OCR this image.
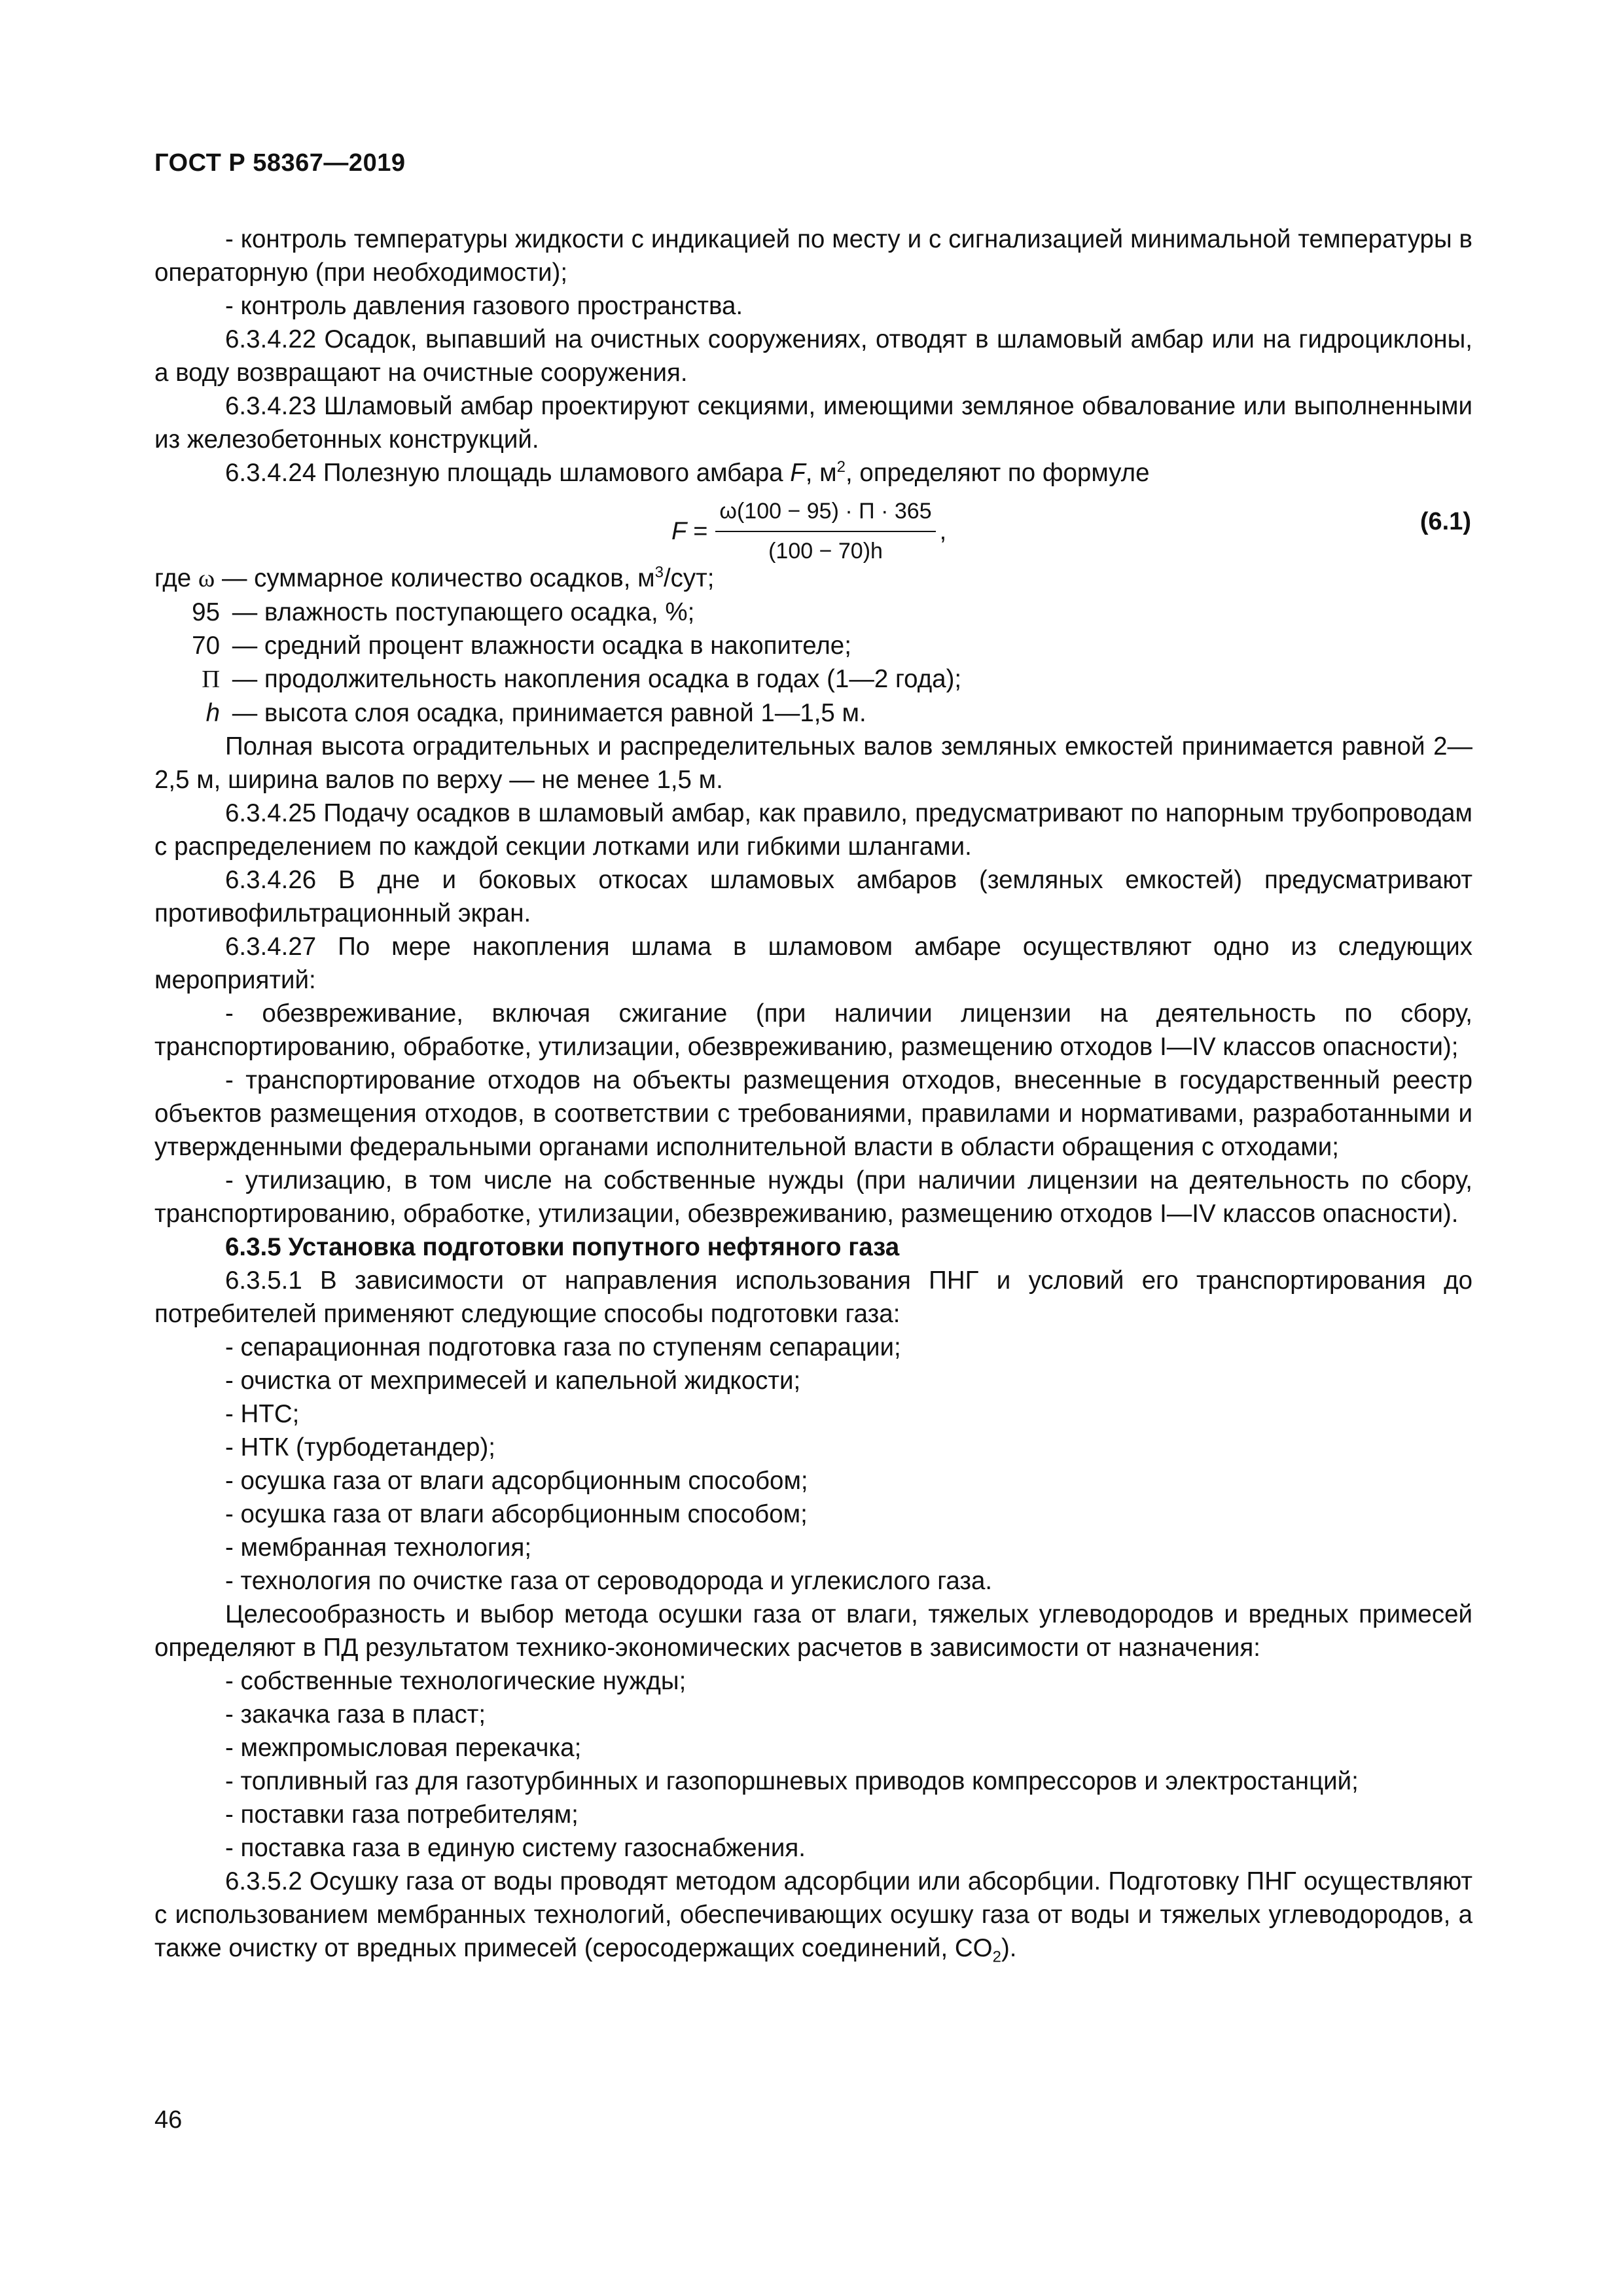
ГОСТ Р 58367—2019

- контроль температуры жидкости с индикацией по месту и с сигнализацией минимальной температуры в операторную (при необходимости);

- контроль давления газового пространства.

6.3.4.22 Осадок, выпавший на очистных сооружениях, отводят в шламовый амбар или на гидроциклоны, а воду возвращают на очистные сооружения.

6.3.4.23 Шламовый амбар проектируют секциями, имеющими земляное обвалование или выполненными из железобетонных конструкций.

6.3.4.24 Полезную площадь шламового амбара F, $м^2$, определяют по формуле

$F = \frac{\omega(100 - 95) \cdot \Pi \cdot 365}{(100 - 70)h}$ ,	(6.1)

где ω — суммарное количество осадков, $м^3$/сут;

95 — влажность поступающего осадка, %;

70 — средний процент влажности осадка в накопителе;

Π — продолжительность накопления осадка в годах (1—2 года);

h — высота слоя осадка, принимается равной 1—1,5 м.

Полная высота оградительных и распределительных валов земляных емкостей принимается равной 2—2,5 м, ширина валов по верху — не менее 1,5 м.

6.3.4.25 Подачу осадков в шламовый амбар, как правило, предусматривают по напорным трубопроводам с распределением по каждой секции лотками или гибкими шлангами.

6.3.4.26 В дне и боковых откосах шламовых амбаров (земляных емкостей) предусматривают противофильтрационный экран.

6.3.4.27 По мере накопления шлама в шламовом амбаре осуществляют одно из следующих мероприятий:

- обезвреживание, включая сжигание (при наличии лицензии на деятельность по сбору, транспортированию, обработке, утилизации, обезвреживанию, размещению отходов I—IV классов опасности);

- транспортирование отходов на объекты размещения отходов, внесенные в государственный реестр объектов размещения отходов, в соответствии с требованиями, правилами и нормативами, разработанными и утвержденными федеральными органами исполнительной власти в области обращения с отходами;

- утилизацию, в том числе на собственные нужды (при наличии лицензии на деятельность по сбору, транспортированию, обработке, утилизации, обезвреживанию, размещению отходов I—IV классов опасности).

6.3.5 Установка подготовки попутного нефтяного газа

6.3.5.1 В зависимости от направления использования ПНГ и условий его транспортирования до потребителей применяют следующие способы подготовки газа:

- сепарационная подготовка газа по ступеням сепарации;

- очистка от мехпримесей и капельной жидкости;

- НТС;

- НТК (турбодетандер);

- осушка газа от влаги адсорбционным способом;

- осушка газа от влаги абсорбционным способом;

- мембранная технология;

- технология по очистке газа от сероводорода и углекислого газа.

Целесообразность и выбор метода осушки газа от влаги, тяжелых углеводородов и вредных примесей определяют в ПД результатом технико-экономических расчетов в зависимости от назначения:

- собственные технологические нужды;

- закачка газа в пласт;

- межпромысловая перекачка;

- топливный газ для газотурбинных и газопоршневых приводов компрессоров и электростанций;

- поставки газа потребителям;

- поставка газа в единую систему газоснабжения.

6.3.5.2 Осушку газа от воды проводят методом адсорбции или абсорбции. Подготовку ПНГ осуществляют с использованием мембранных технологий, обеспечивающих осушку газа от воды и тяжелых углеводородов, а также очистку от вредных примесей (серосодержащих соединений, $CO_2$).

46
